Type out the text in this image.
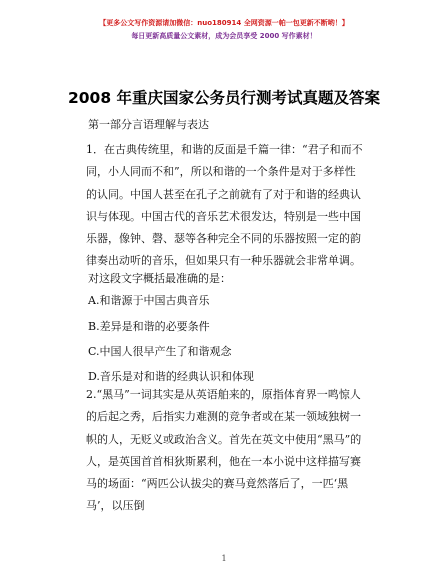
【更多公文写作资源请加微信：nuo180914 全网资源一帕一包更新不断哟！】
每日更新高质量公文素材，成为会员享受 2000 写作素材！
2008 年重庆国家公务员行测考试真题及答案
第一部分言语理解与表达
1．在古典传统里，和谐的反面是千篇一律：“君子和而不同，小人同而不和”，所以和谐的一个条件是对于多样性的认同。中国人甚至在孔子之前就有了对于和谐的经典认识与体现。中国古代的音乐艺术很发达，特别是一些中国乐器，像钟、磬、瑟等各种完全不同的乐器按照一定的韵律奏出动听的音乐，但如果只有一种乐器就会非常单调。
对这段文字概括最准确的是：
A.和谐源于中国古典音乐
B.差异是和谐的必要条件
C.中国人很早产生了和谐观念
D.音乐是对和谐的经典认识和体现
2.“黑马”一词其实是从英语舶来的，原指体育界一鸣惊人的后起之秀，后指实力难测的竞争者或在某一领域独树一帜的人，无贬义或政治含义。首先在英文中使用“黑马”的人，是英国首首相狄斯累利，他在一本小说中这样描写赛马的场面：“两匹公认拔尖的赛马竟然落后了，一匹‘黑马’，以压倒
1
